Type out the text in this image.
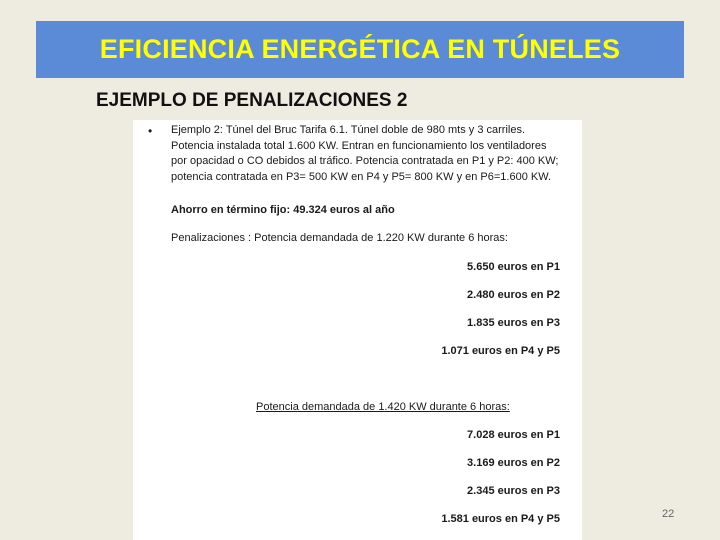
EFICIENCIA ENERGÉTICA EN TÚNELES
EJEMPLO DE PENALIZACIONES 2
• Ejemplo 2: Túnel del Bruc Tarifa 6.1. Túnel doble de 980 mts y 3 carriles.
Potencia instalada total 1.600 KW. Entran en funcionamiento los ventiladores
por opacidad o CO debidos al tráfico. Potencia contratada en P1 y P2: 400 KW;
potencia contratada en P3= 500 KW en P4 y P5= 800 KW y en P6=1.600 KW.
Ahorro en término fijo: 49.324 euros al año
Penalizaciones : Potencia demandada de 1.220 KW durante 6 horas:
5.650 euros en P1
2.480 euros en P2
1.835 euros en P3
1.071 euros en P4 y P5
Potencia demandada de 1.420 KW durante 6 horas:
7.028 euros en P1
3.169 euros en P2
2.345 euros en P3
1.581 euros en P4 y P5	22
